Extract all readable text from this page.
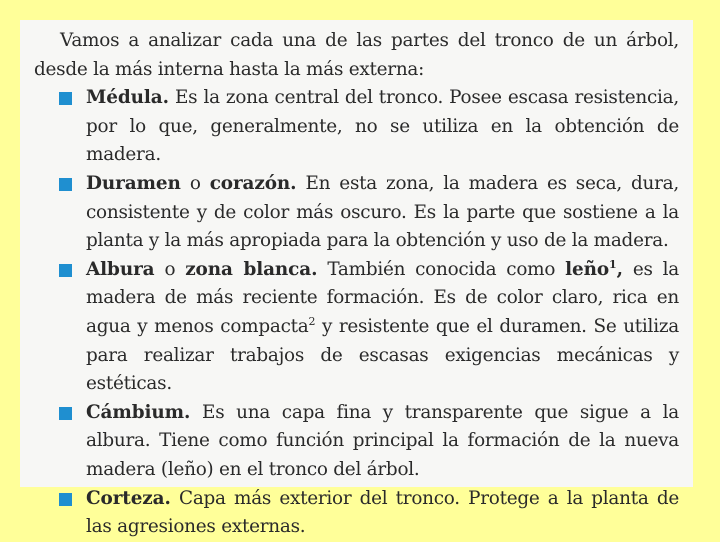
Vamos a analizar cada una de las partes del tronco de un árbol, desde la más interna hasta la más externa:

Médula. Es la zona central del tronco. Posee escasa resistencia, por lo que, generalmente, no se utiliza en la obtención de madera.
Duramen o corazón. En esta zona, la madera es seca, dura, consistente y de color más oscuro. Es la parte que sostiene a la planta y la más apropiada para la obtención y uso de la madera.
Albura o zona blanca. También conocida como leño$^1$, es la madera de más reciente formación. Es de color claro, rica en agua y menos compacta$^2$ y resistente que el duramen. Se utiliza para realizar trabajos de escasas exigencias mecánicas y estéticas.
Cámbium. Es una capa fina y transparente que sigue a la albura. Tiene como función principal la formación de la nueva madera (leño) en el tronco del árbol.
Corteza. Capa más exterior del tronco. Protege a la planta de las agresiones externas.
